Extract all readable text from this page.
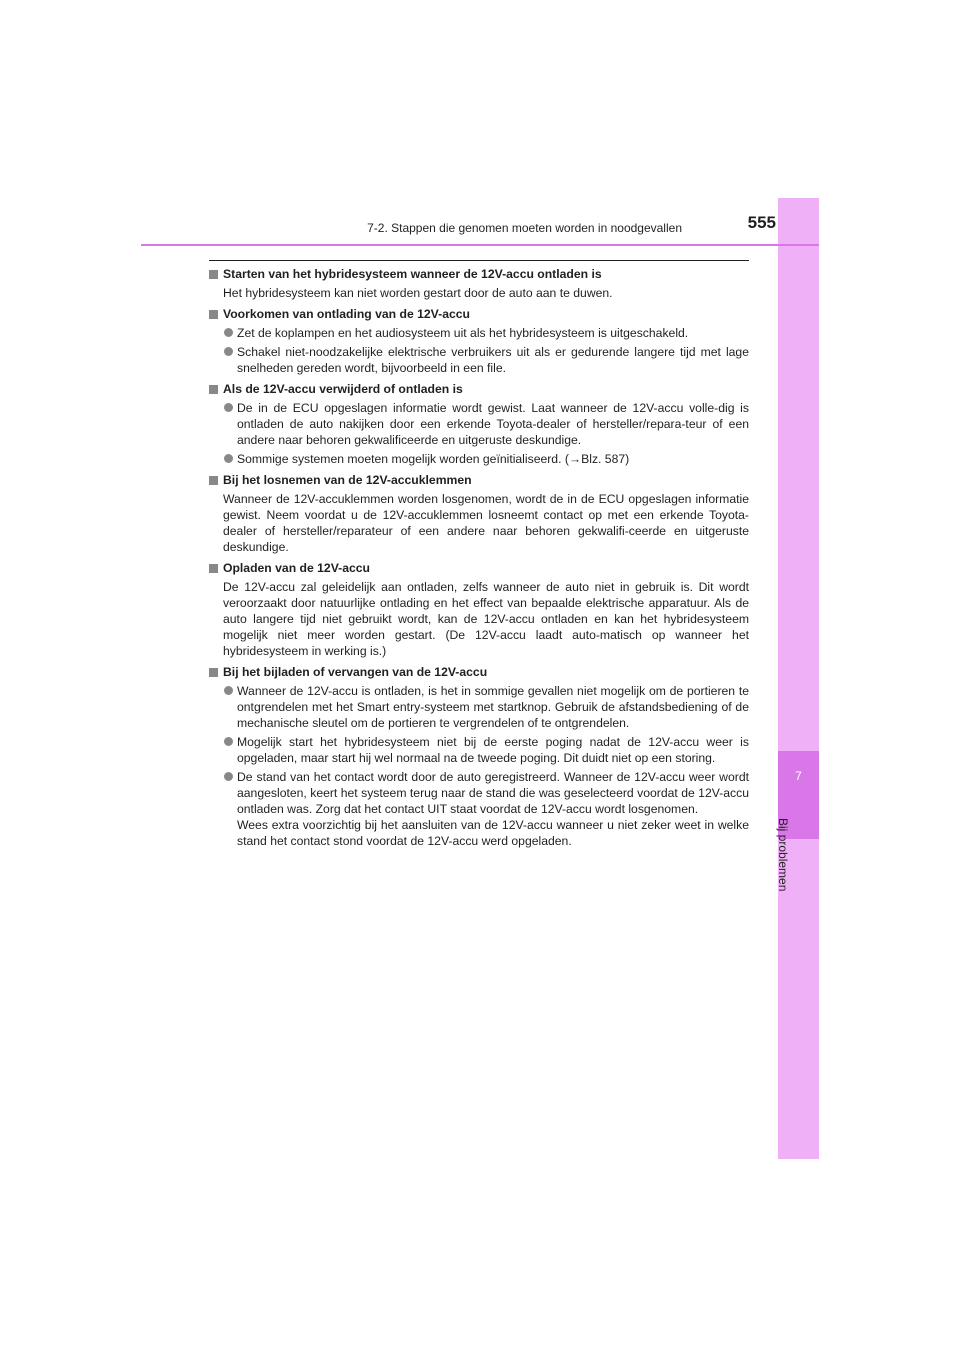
7
Bij problemen
7-2. Stappen die genomen moeten worden in noodgevallen	555
Starten van het hybridesysteem wanneer de 12V-accu ontladen is
Het hybridesysteem kan niet worden gestart door de auto aan te duwen.
Voorkomen van ontlading van de 12V-accu
Zet de koplampen en het audiosysteem uit als het hybridesysteem is uitgeschakeld.
Schakel niet-noodzakelijke elektrische verbruikers uit als er gedurende langere tijd met lage snelheden gereden wordt, bijvoorbeeld in een file.
Als de 12V-accu verwijderd of ontladen is
De in de ECU opgeslagen informatie wordt gewist. Laat wanneer de 12V-accu volle-dig is ontladen de auto nakijken door een erkende Toyota-dealer of hersteller/repara-teur of een andere naar behoren gekwalificeerde en uitgeruste deskundige.
Sommige systemen moeten mogelijk worden geïnitialiseerd. (→Blz. 587)
Bij het losnemen van de 12V-accuklemmen
Wanneer de 12V-accuklemmen worden losgenomen, wordt de in de ECU opgeslagen informatie gewist. Neem voordat u de 12V-accuklemmen losneemt contact op met een erkende Toyota-dealer of hersteller/reparateur of een andere naar behoren gekwalifi-ceerde en uitgeruste deskundige.
Opladen van de 12V-accu
De 12V-accu zal geleidelijk aan ontladen, zelfs wanneer de auto niet in gebruik is. Dit wordt veroorzaakt door natuurlijke ontlading en het effect van bepaalde elektrische apparatuur. Als de auto langere tijd niet gebruikt wordt, kan de 12V-accu ontladen en kan het hybridesysteem mogelijk niet meer worden gestart. (De 12V-accu laadt auto-matisch op wanneer het hybridesysteem in werking is.)
Bij het bijladen of vervangen van de 12V-accu
Wanneer de 12V-accu is ontladen, is het in sommige gevallen niet mogelijk om de portieren te ontgrendelen met het Smart entry-systeem met startknop. Gebruik de afstandsbediening of de mechanische sleutel om de portieren te vergrendelen of te ontgrendelen.
Mogelijk start het hybridesysteem niet bij de eerste poging nadat de 12V-accu weer is opgeladen, maar start hij wel normaal na de tweede poging. Dit duidt niet op een storing.
De stand van het contact wordt door de auto geregistreerd. Wanneer de 12V-accu weer wordt aangesloten, keert het systeem terug naar de stand die was geselecteerd voordat de 12V-accu ontladen was. Zorg dat het contact UIT staat voordat de 12V-accu wordt losgenomen.
Wees extra voorzichtig bij het aansluiten van de 12V-accu wanneer u niet zeker weet in welke stand het contact stond voordat de 12V-accu werd opgeladen.
